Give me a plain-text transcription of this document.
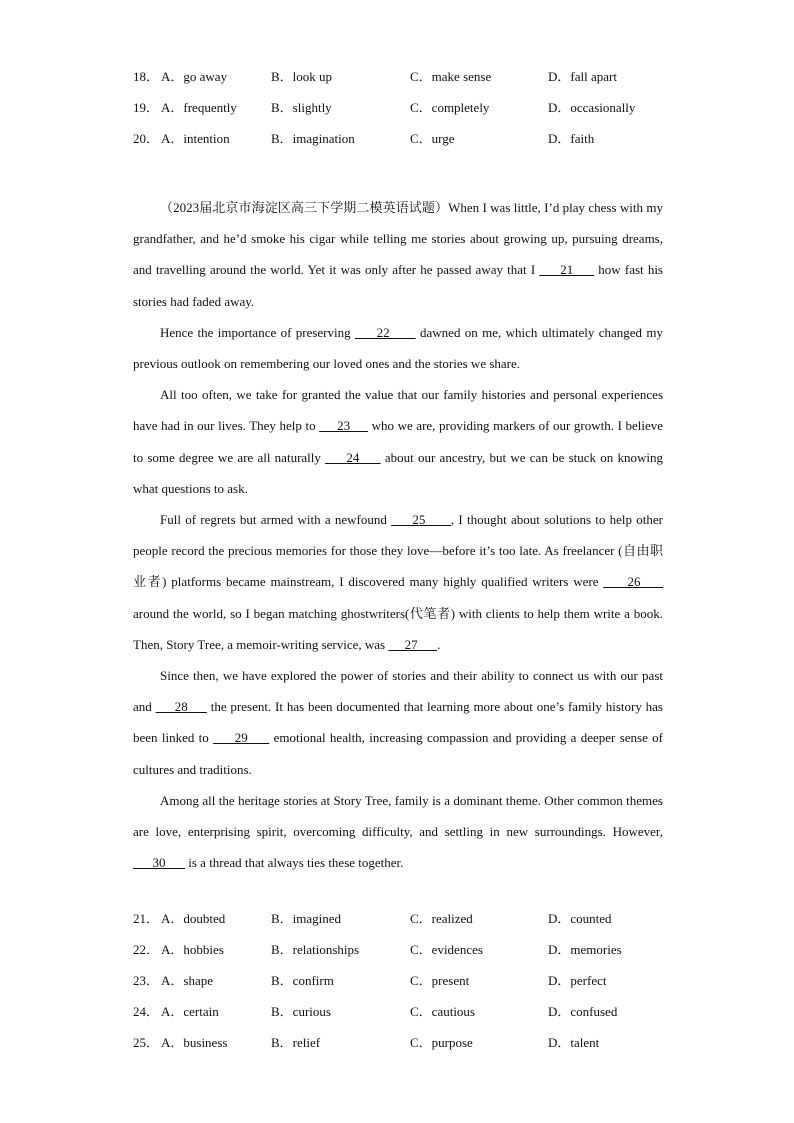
18． A．go away	B．look up	C．make sense	D．fall apart
19． A．frequently	B．slightly	C．completely	D．occasionally
20． A．intention	B．imagination	C．urge	D．faith

（2023届北京市海淀区高三下学期二模英语试题）When I was little, I’d play chess with my grandfather, and he’d smoke his cigar while telling me stories about growing up, pursuing dreams, and travelling around the world. Yet it was only after he passed away that I      21      how fast his stories had faded away.

Hence the importance of preserving      22       dawned on me, which ultimately changed my previous outlook on remembering our loved ones and the stories we share.

All too often, we take for granted the value that our family histories and personal experiences have had in our lives. They help to      23      who we are, providing markers of our growth. I believe to some degree we are all naturally      24      about our ancestry, but we can be stuck on knowing what questions to ask.

Full of regrets but armed with a newfound      25      , I thought about solutions to help other people record the precious memories for those they love—before it’s too late. As freelancer (自由职业者) platforms became mainstream, I discovered many highly qualified writers were      26      around the world, so I began matching ghostwriters(代笔者) with clients to help them write a book. Then, Story Tree, a memoir-writing service, was      27      .

Since then, we have explored the power of stories and their ability to connect us with our past and      28      the present. It has been documented that learning more about one’s family history has been linked to      29      emotional health, increasing compassion and providing a deeper sense of cultures and traditions.

Among all the heritage stories at Story Tree, family is a dominant theme. Other common themes are love, enterprising spirit, overcoming difficulty, and settling in new surroundings. However,       30       is a thread that always ties these together.

21． A．doubted	B．imagined	C．realized	D．counted
22． A．hobbies	B．relationships	C．evidences	D．memories
23． A．shape	B．confirm	C．present	D．perfect
24． A．certain	B．curious	C．cautious	D．confused
25． A．business	B．relief	C．purpose	D．talent
